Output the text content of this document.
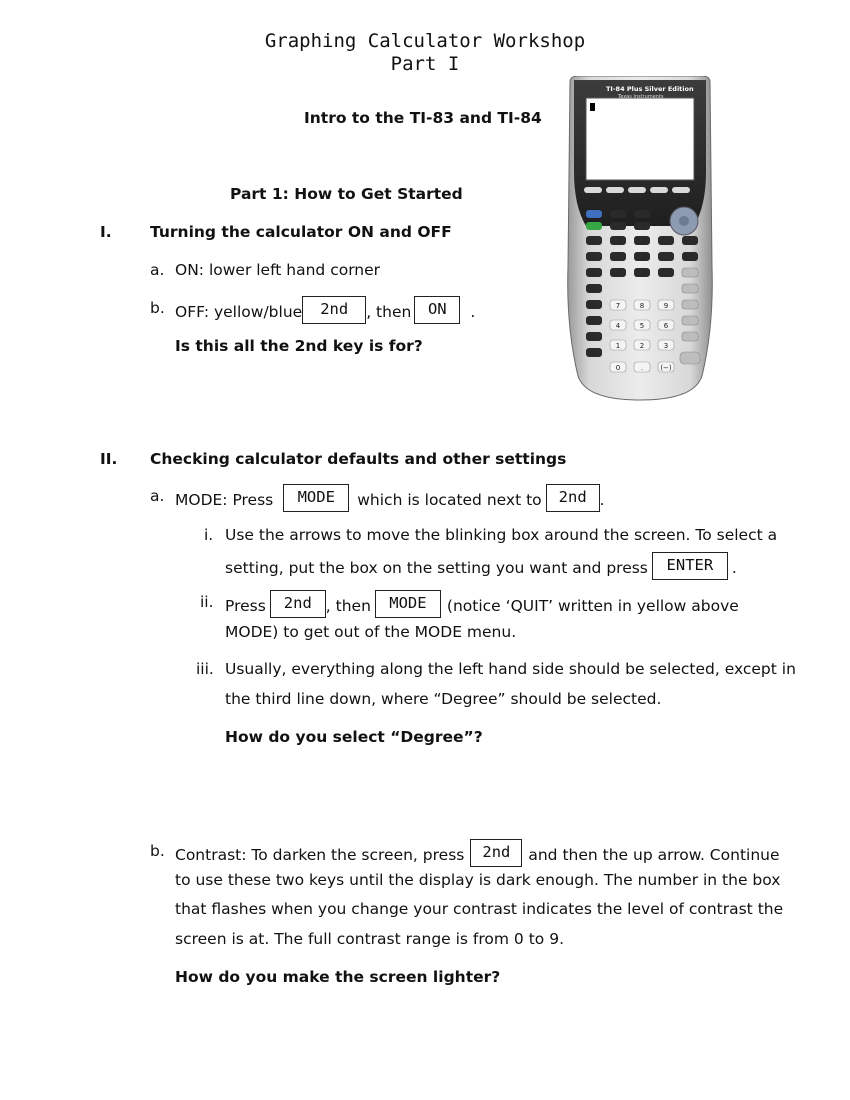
Graphing Calculator Workshop
Part I
Intro to the TI-83 and TI-84
Part 1: How to Get Started
7	8	9
4	5	6
1	2	3
0	. (−)
TI-84 Plus Silver Edition
Texas Instruments
I. Turning the calculator ON and OFF
a. ON: lower left hand corner
b. OFF: yellow/blue 2nd , then ON .
Is this all the 2nd key is for?
II. Checking calculator defaults and other settings
a. MODE: Press MODE which is located next to 2nd .
i. Use the arrows to move the blinking box around the screen. To select a
setting, put the box on the setting you want and press ENTER .
ii. Press 2nd , then MODE (notice ‘QUIT’ written in yellow above
MODE) to get out of the MODE menu.
iii. Usually, everything along the left hand side should be selected, except in
the third line down, where “Degree” should be selected.
How do you select “Degree”?
b. Contrast: To darken the screen, press 2nd and then the up arrow. Continue
to use these two keys until the display is dark enough. The number in the box
that flashes when you change your contrast indicates the level of contrast the
screen is at. The full contrast range is from 0 to 9.
How do you make the screen lighter?
